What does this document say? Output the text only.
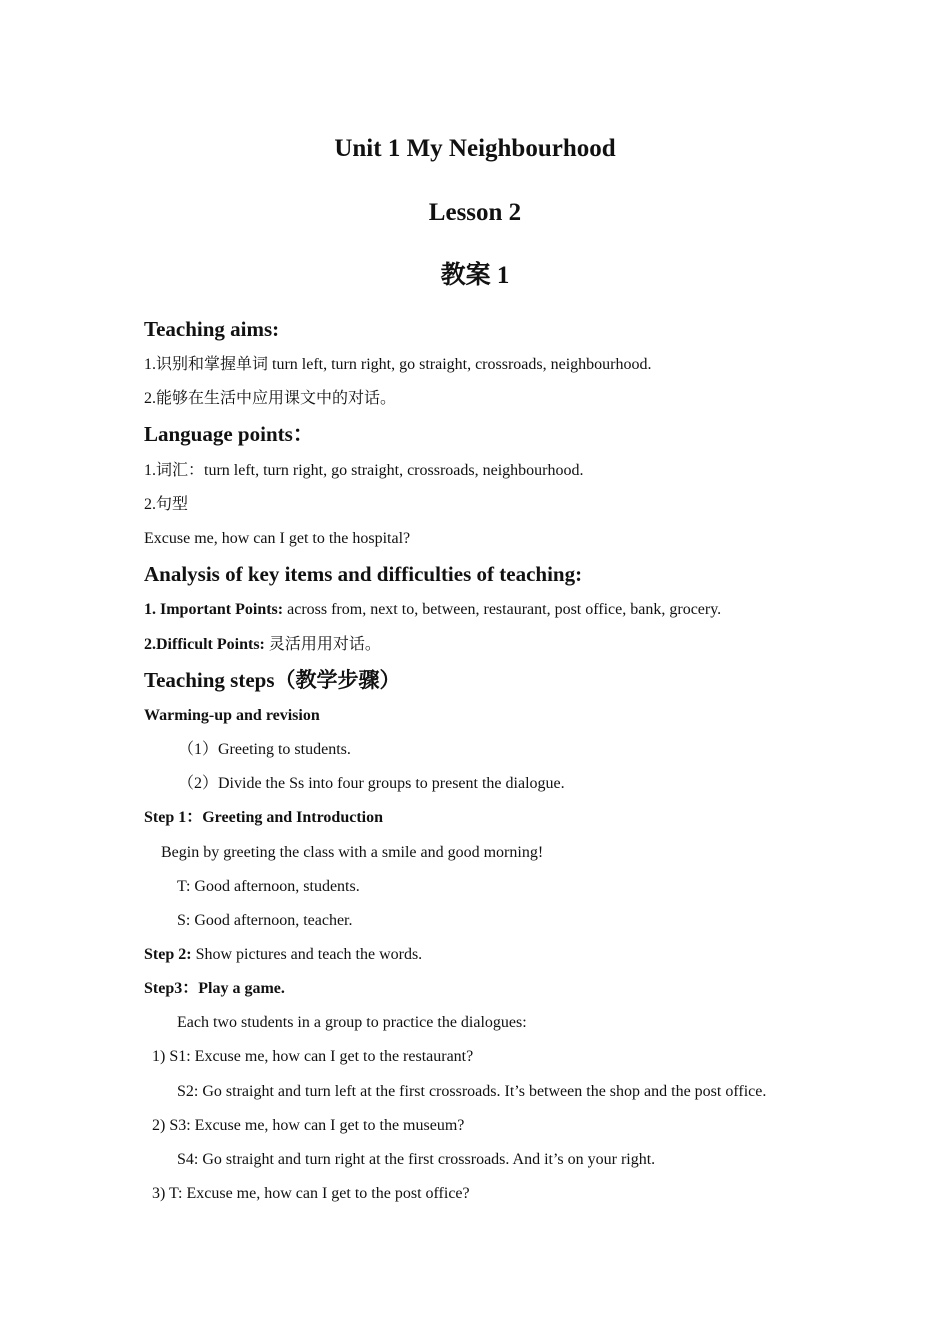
Unit 1 My Neighbourhood
Lesson 2
教案 1
Teaching aims:

1.识别和掌握单词 turn left, turn right, go straight, crossroads, neighbourhood.

2.能够在生活中应用课文中的对话。

Language points：

1.词汇：turn left, turn right, go straight, crossroads, neighbourhood.

2.句型

Excuse me, how can I get to the hospital?

Analysis of key items and difficulties of teaching:

1. Important Points: across from, next to, between, restaurant, post office, bank, grocery.

2.Difficult Points: 灵活用用对话。

Teaching steps（教学步骤）

Warming-up and revision

（1）Greeting to students.

（2）Divide the Ss into four groups to present the dialogue.

Step 1：Greeting and Introduction

Begin by greeting the class with a smile and good morning!

T: Good afternoon, students.

S: Good afternoon, teacher.

Step 2: Show pictures and teach the words.

Step3：Play a game.

Each two students in a group to practice the dialogues:

1) S1: Excuse me, how can I get to the restaurant?

S2: Go straight and turn left at the first crossroads. It’s between the shop and the post office.

2) S3: Excuse me, how can I get to the museum?

S4: Go straight and turn right at the first crossroads. And it’s on your right.

3) T: Excuse me, how can I get to the post office?
